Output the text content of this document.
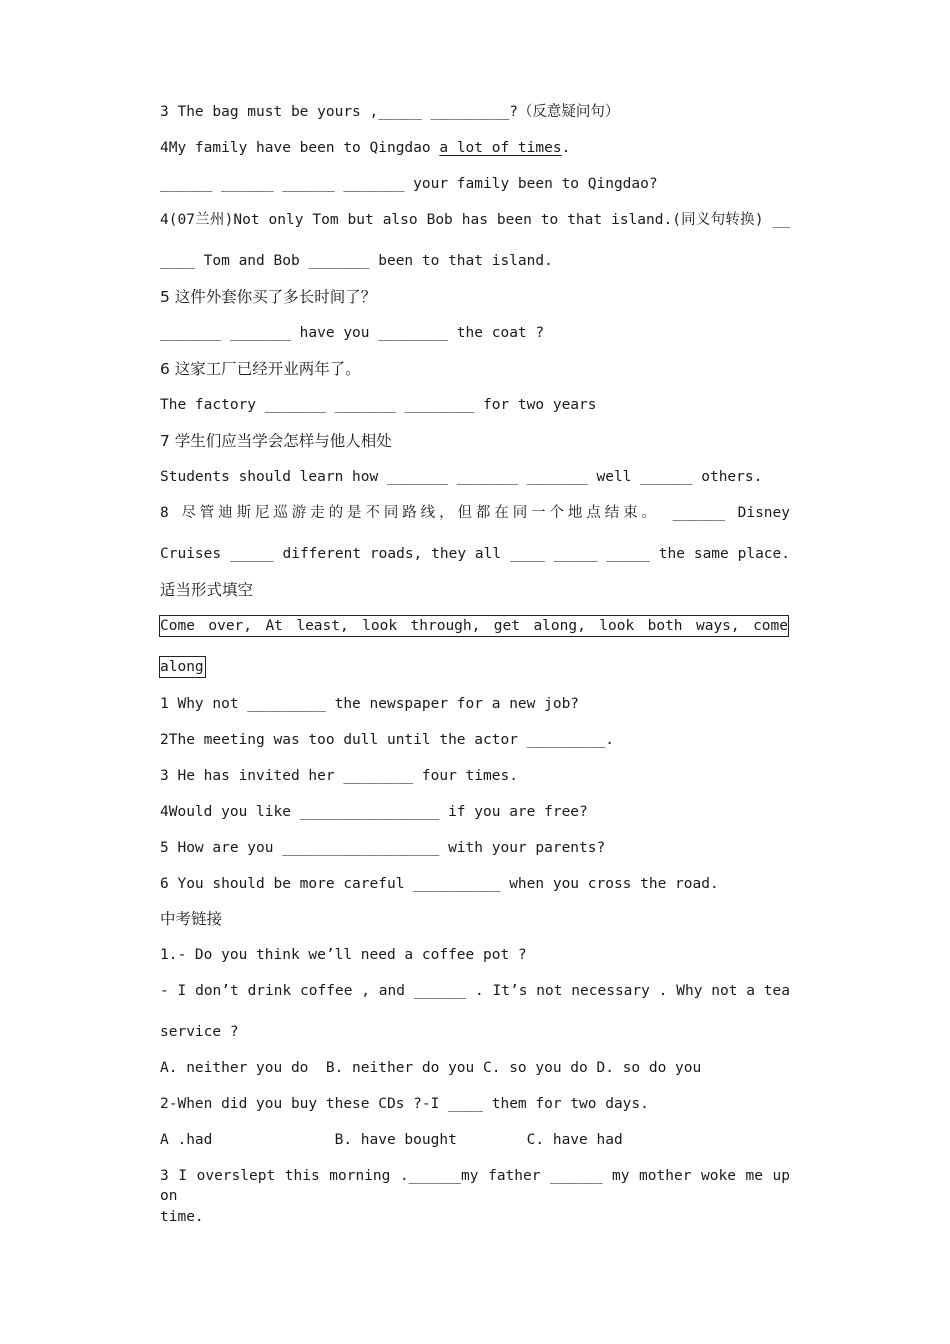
3 The bag must be yours ,_____ _________?（反意疑问句）
4My family have been to Qingdao a lot of times.
______ ______ ______ _______ your family been to Qingdao?
4(07兰州)Not only Tom but also Bob has been to that island.(同义句转换) __
____ Tom and Bob _______ been to that island.
5 这件外套你买了多长时间了？
_______ _______ have you ________ the coat ?
6 这家工厂已经开业两年了。
The factory _______ _______ ________ for two years
7 学生们应当学会怎样与他人相处
Students should learn how _______ _______ _______ well ______ others.
8 尽管迪斯尼巡游走的是不同路线，但都在同一个地点结束。 ______ Disney
Cruises _____ different roads, they all ____ _____ _____ the same place.
适当形式填空
Come over, At least, look through, get along, look both ways, come
along
1 Why not _________ the newspaper for a new job?
2The meeting was too dull until the actor _________.
3 He has invited her ________ four times.
4Would you like ________________ if you are free?
5 How are you __________________ with your parents?
6 You should be more careful __________ when you cross the road.
中考链接
1.- Do you think we’ll need a coffee pot ?
- I don’t drink coffee , and ______ . It’s not necessary . Why not a tea
service ?
A. neither you do  B. neither do you C. so you do D. so do you
2-When did you buy these CDs ?-I ____ them for two days.
A .had              B. have bought        C. have had
3 I overslept this morning .______my father ______ my mother woke me up on
time.
